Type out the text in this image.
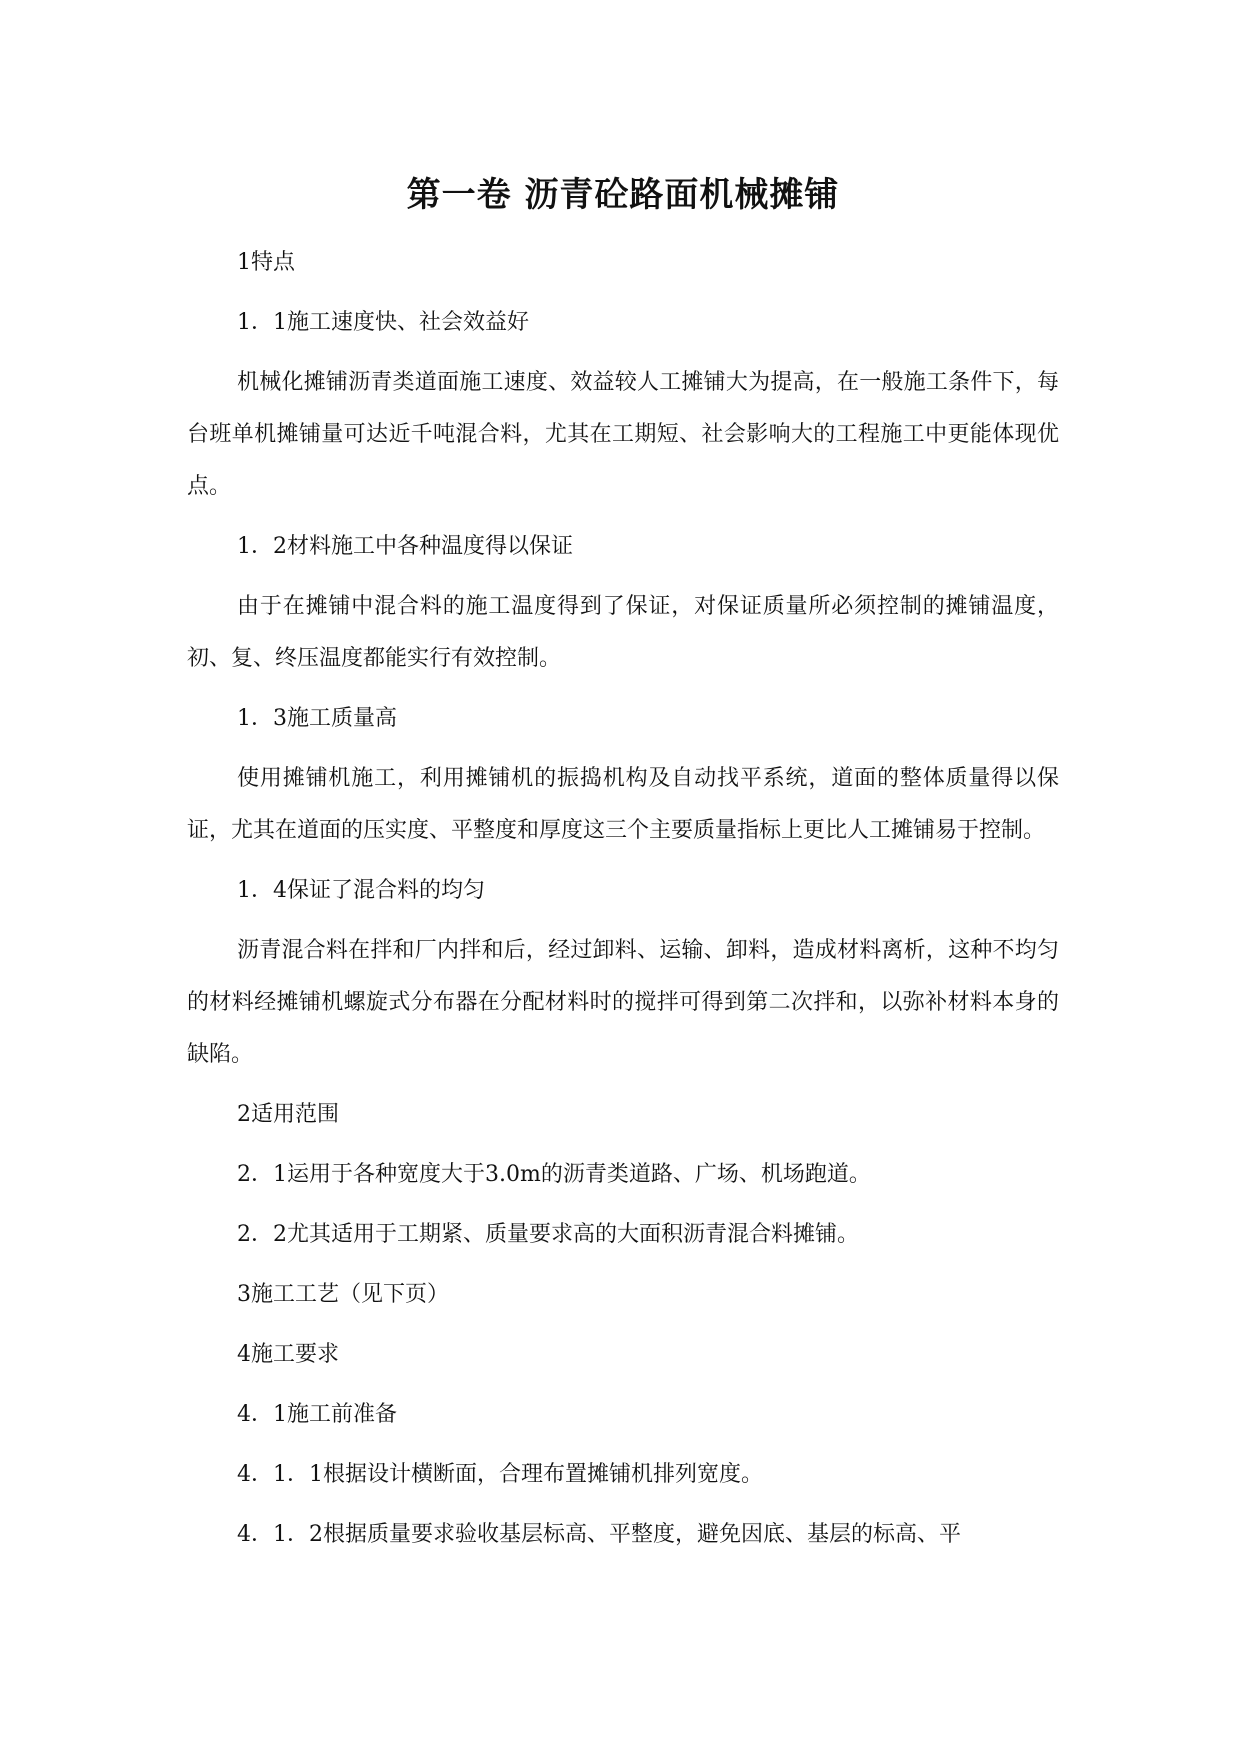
第一卷 沥青砼路面机械摊铺

1特点

1．1施工速度快、社会效益好

机械化摊铺沥青类道面施工速度、效益较人工摊铺大为提高，在一般施工条件下，每台班单机摊铺量可达近千吨混合料，尤其在工期短、社会影响大的工程施工中更能体现优点。

1．2材料施工中各种温度得以保证

由于在摊铺中混合料的施工温度得到了保证，对保证质量所必须控制的摊铺温度，初、复、终压温度都能实行有效控制。

1．3施工质量高

使用摊铺机施工，利用摊铺机的振捣机构及自动找平系统，道面的整体质量得以保证，尤其在道面的压实度、平整度和厚度这三个主要质量指标上更比人工摊铺易于控制。

1．4保证了混合料的均匀

沥青混合料在拌和厂内拌和后，经过卸料、运输、卸料，造成材料离析，这种不均匀的材料经摊铺机螺旋式分布器在分配材料时的搅拌可得到第二次拌和，以弥补材料本身的缺陷。

2适用范围

2．1运用于各种宽度大于3.0m的沥青类道路、广场、机场跑道。

2．2尤其适用于工期紧、质量要求高的大面积沥青混合料摊铺。

3施工工艺（见下页）

4施工要求

4．1施工前准备

4．1．1根据设计横断面，合理布置摊铺机排列宽度。

4．1．2根据质量要求验收基层标高、平整度，避免因底、基层的标高、平
